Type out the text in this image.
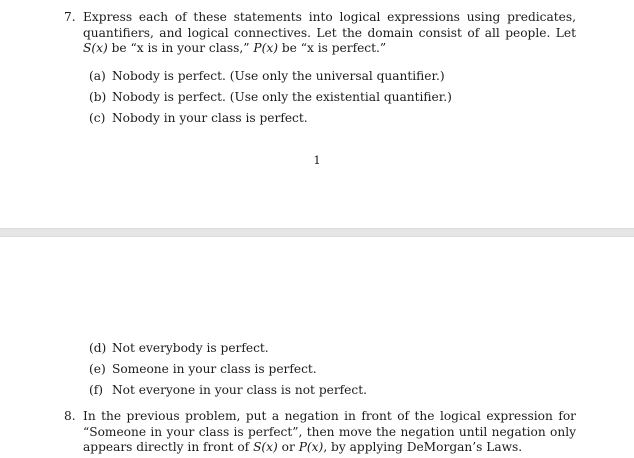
7. Express each of these statements into logical expressions using predicates, quantifiers, and logical connectives. Let the domain consist of all people. Let S(x) be “x is in your class,” P(x) be “x is perfect.”
(a) Nobody is perfect. (Use only the universal quantifier.)
(b) Nobody is perfect. (Use only the existential quantifier.)
(c) Nobody in your class is perfect.
1
(d) Not everybody is perfect.
(e) Someone in your class is perfect.
(f) Not everyone in your class is not perfect.
8. In the previous problem, put a negation in front of the logical expression for “Someone in your class is perfect”, then move the negation until negation only appears directly in front of S(x) or P(x), by applying DeMorgan’s Laws.
